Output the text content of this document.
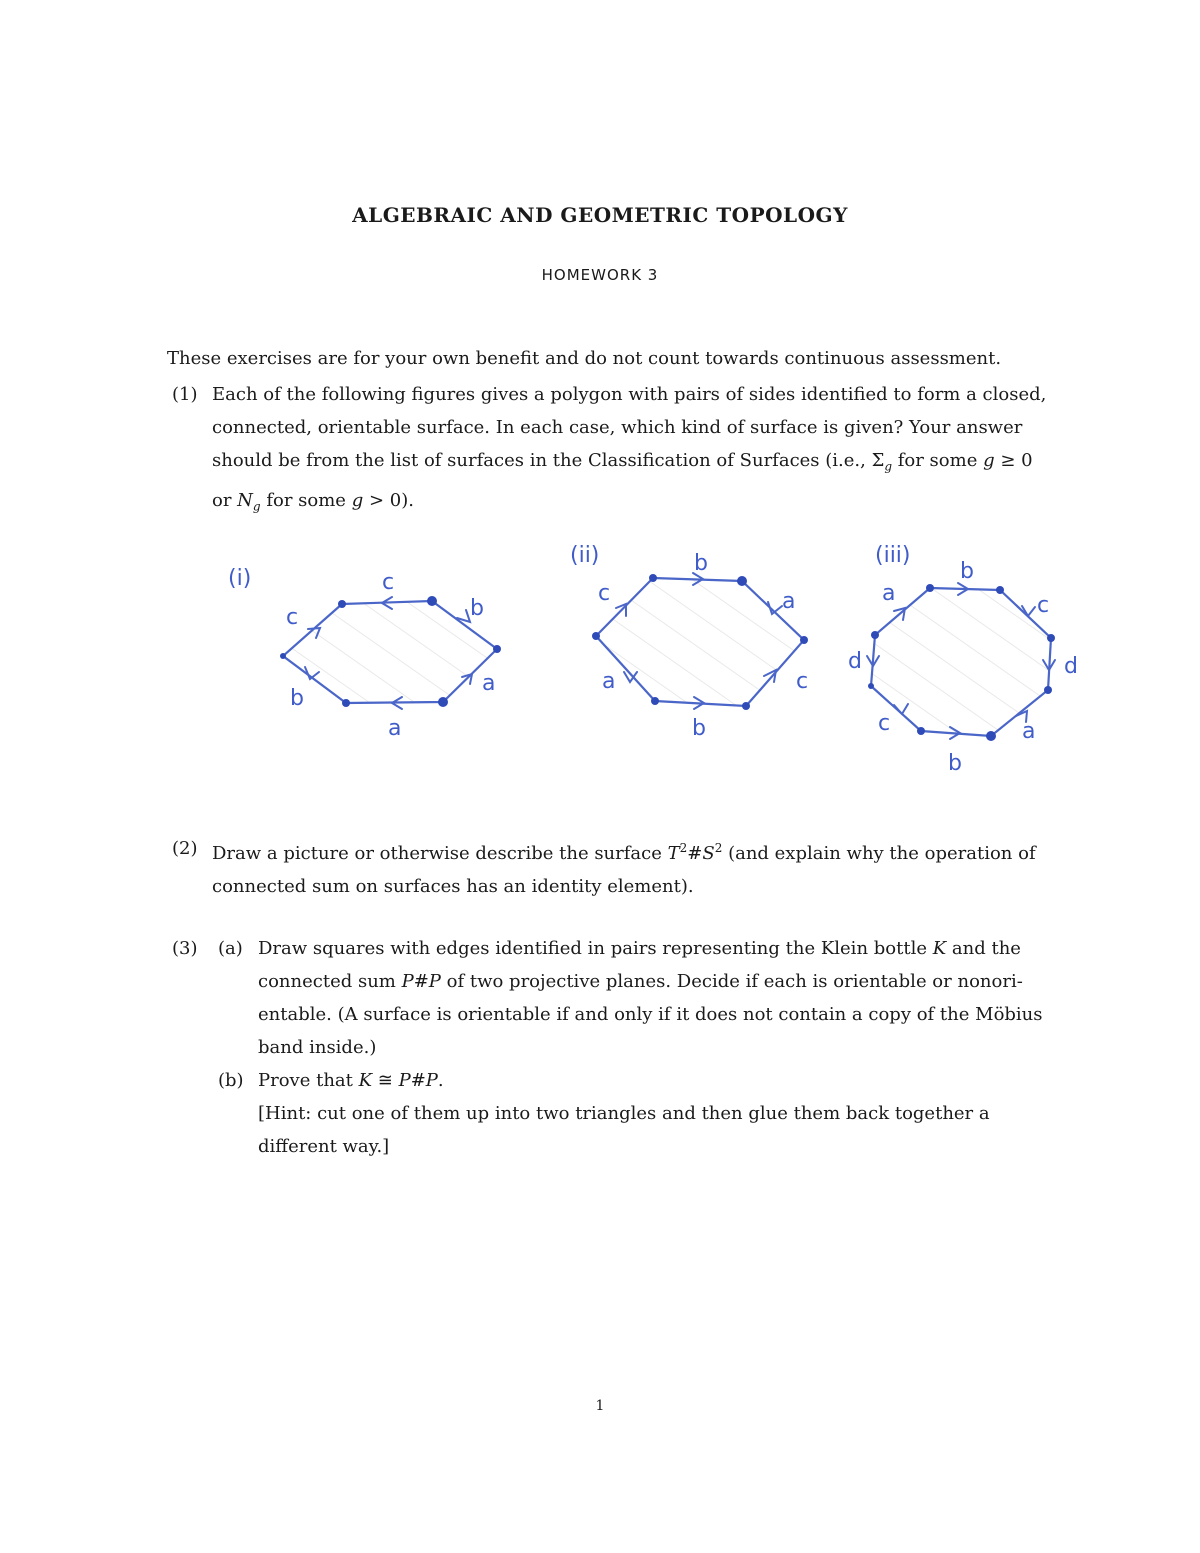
ALGEBRAIC AND GEOMETRIC TOPOLOGY
HOMEWORK 3
These exercises are for your own benefit and do not count towards continuous assessment.
(1) Each of the following figures gives a polygon with pairs of sides identified to form a closed,
connected, orientable surface. In each case, which kind of surface is given? Your answer
should be from the list of surfaces in the Classification of Surfaces (i.e., $\Sigma_g$ for some g ≥ 0
or $N_g$ for some g > 0).
(i)	c
b
a
a
b
c
(ii)	b
a
c
b
a
c
(iii)
b
c
d
a
b
c
d
a
(2) Draw a picture or otherwise describe the surface $T^2\#S^2$ (and explain why the operation of
connected sum on surfaces has an identity element).
(3) (a) Draw squares with edges identified in pairs representing the Klein bottle K and the
connected sum P#P of two projective planes. Decide if each is orientable or nonori-
entable. (A surface is orientable if and only if it does not contain a copy of the Möbius
band inside.)
(b) Prove that K ≅ P#P.
[Hint: cut one of them up into two triangles and then glue them back together a
different way.]
1
